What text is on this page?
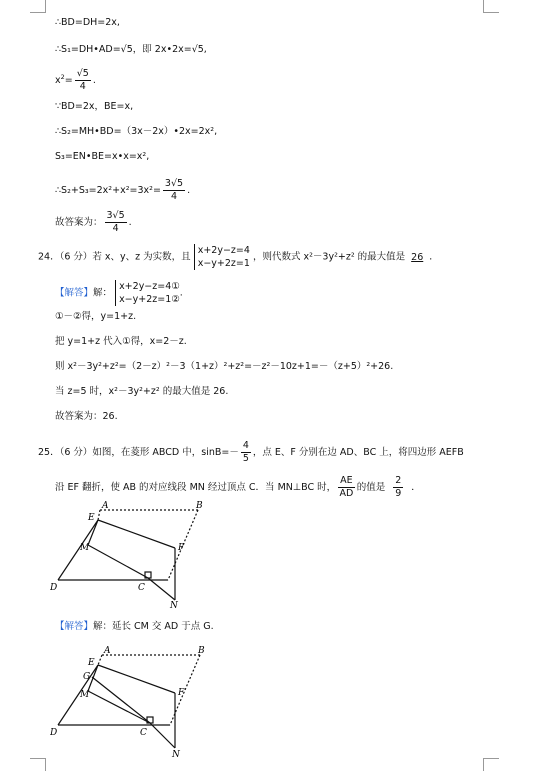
∴BD=DH=2x,
∴S₁=DH•AD=√5，即 2x•2x=√5,
$x^2= \frac{√5}{4}$ .
∵BD=2x，BE=x,
∴S₂=MH•BD=（3x－2x）•2x=2x²,
S₃=EN•BE=x•x=x²,
∴S₂+S₃=2x²+x²=3x²= $\frac{3√5}{4}$ .
故答案为： $\frac{3√5}{4}$ .
24．（6 分）若 x、y、z 为实数，且
x+2y−z=4
x−y+2z=1
，则代数式 x²－3y²+z² 的最大值是 26 ．
【解答】解：
x+2y−z=4①
x−y+2z=1②
.
①－②得，y=1+z.
把 y=1+z 代入①得，x=2－z.
则 x²－3y²+z²=（2－z）²－3（1+z）²+z²=－z²－10z+1=－（z+5）²+26.
当 z=5 时，x²－3y²+z² 的最大值是 26.
故答案为：26.
25．（6 分）如图，在菱形 ABCD 中，$\sin B=- \frac{4}{5}$ ，点 E、F 分别在边 AD、BC 上，将四边形 AEFB
沿 EF 翻折，使 AB 的对应线段 MN 经过顶点 C．当 MN⊥BC 时， $\frac{AE}{AD}$ 的值是 $\frac{2}{9}$ ．
A	B
E
M	F
D	C
N
【解答】解：延长 CM 交 AD 于点 G.
A	B
E
G
M	F
D	C
N
